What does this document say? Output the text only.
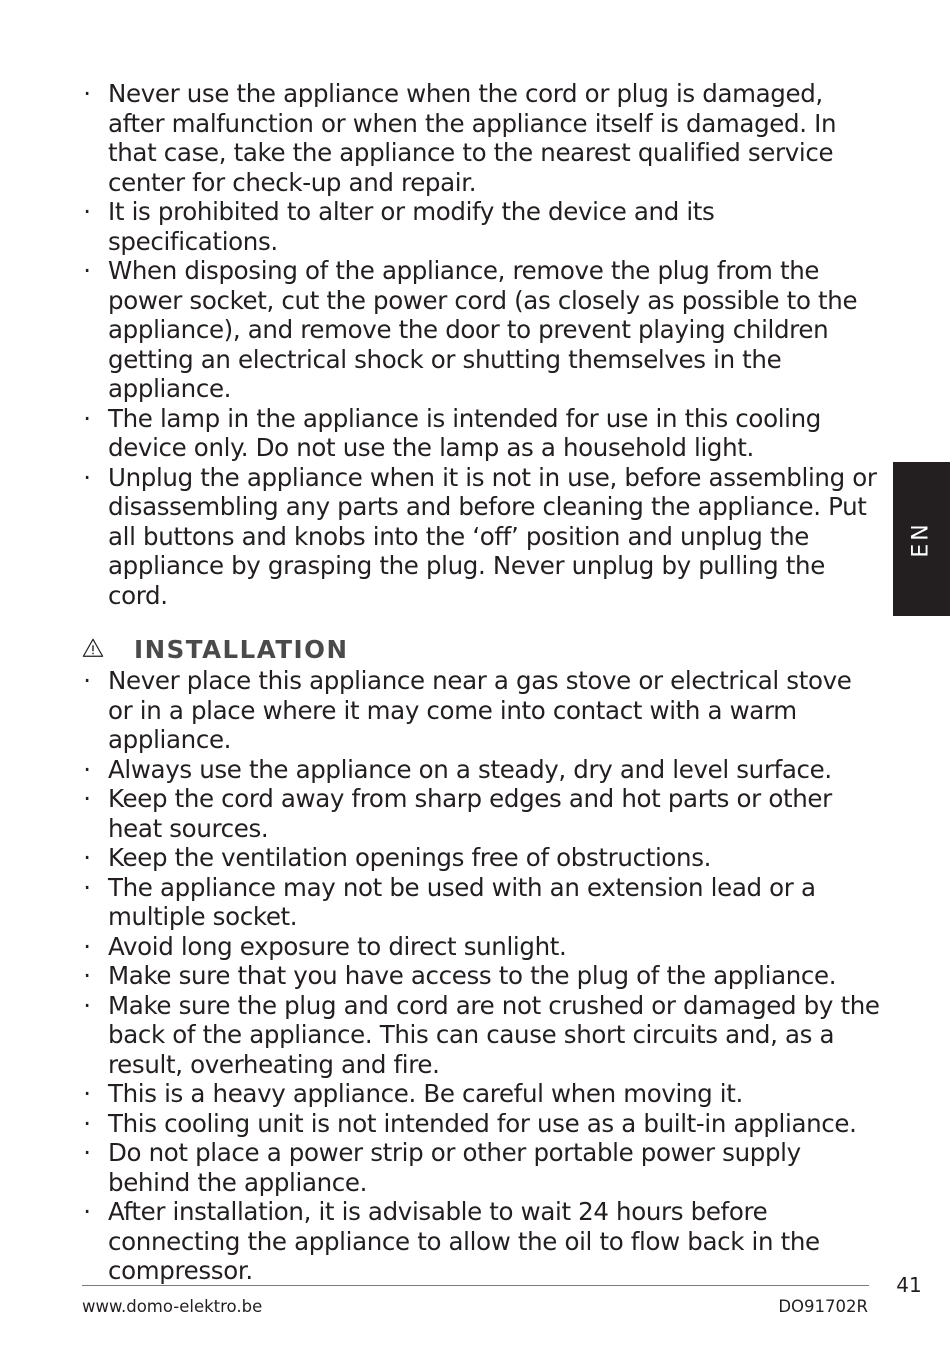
· Never use the appliance when the cord or plug is damaged, after malfunction or when the appliance itself is damaged. In that case, take the appliance to the nearest qualified service center for check-up and repair.
· It is prohibited to alter or modify the device and its specifications.
· When disposing of the appliance, remove the plug from the power socket, cut the power cord (as closely as possible to the appliance), and remove the door to prevent playing children getting an electrical shock or shutting themselves in the appliance.
· The lamp in the appliance is intended for use in this cooling device only. Do not use the lamp as a household light.
· Unplug the appliance when it is not in use, before assembling or disassembling any parts and before cleaning the appliance. Put all buttons and knobs into the ‘off’ position and unplug the appliance by grasping the plug. Never unplug by pulling the cord.
INSTALLATION
· Never place this appliance near a gas stove or electrical stove or in a place where it may come into contact with a warm appliance.
· Always use the appliance on a steady, dry and level surface.
· Keep the cord away from sharp edges and hot parts or other heat sources.
· Keep the ventilation openings free of obstructions.
· The appliance may not be used with an extension lead or a multiple socket.
· Avoid long exposure to direct sunlight.
· Make sure that you have access to the plug of the appliance.
· Make sure the plug and cord are not crushed or damaged by the back of the appliance. This can cause short circuits and, as a result, overheating and fire.
· This is a heavy appliance. Be careful when moving it.
· This cooling unit is not intended for use as a built-in appliance.
· Do not place a power strip or other portable power supply behind the appliance.
· After installation, it is advisable to wait 24 hours before connecting the appliance to allow the oil to flow back in the compressor.
EN
41
www.domo-elektro.be	DO91702R
